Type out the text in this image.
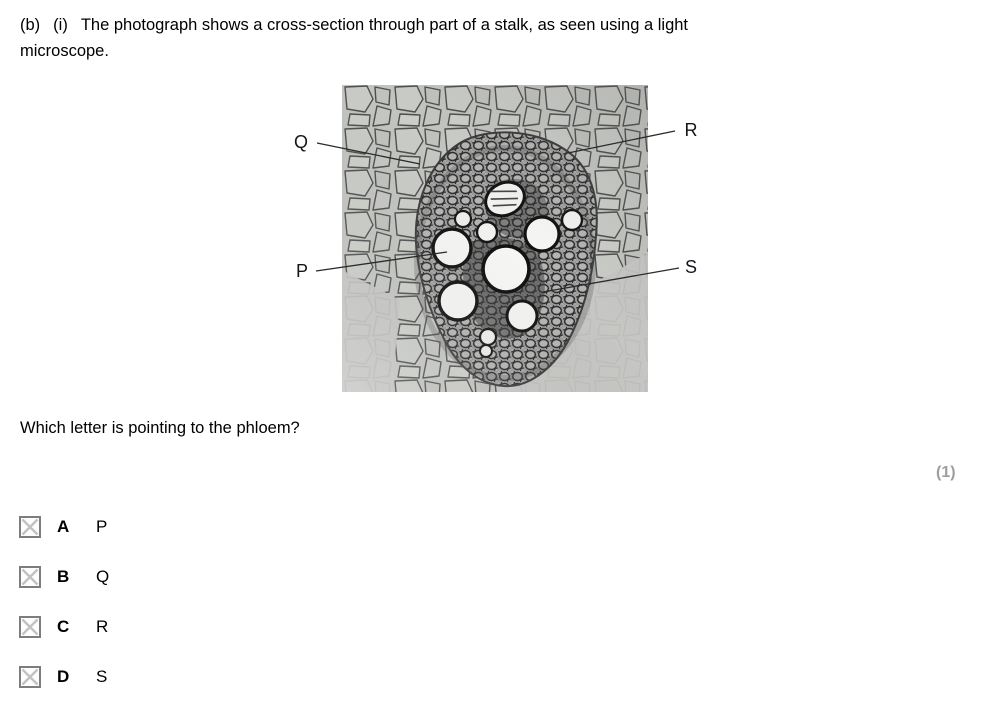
(b) (i) The photograph shows a cross-section through part of a stalk, as seen using a light
microscope.
Q
R
P	S
Which letter is pointing to the phloem?
(1)
A	P
B	Q
C	R
D	S
